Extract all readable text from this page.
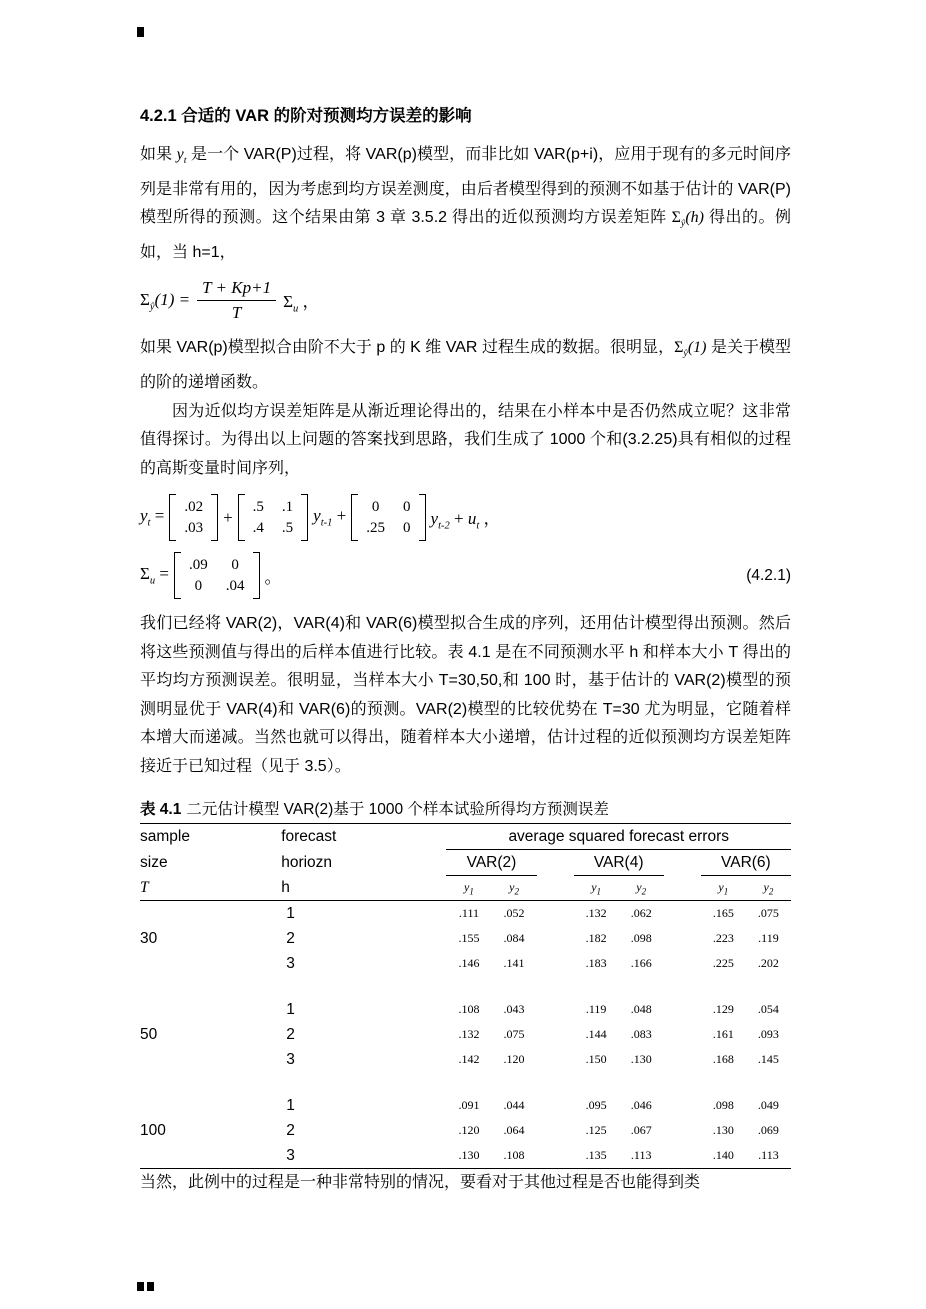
4.2.1 合适的 VAR 的阶对预测均方误差的影响

如果 $y_t$ 是一个 VAR(P)过程，将 VAR(p)模型，而非比如 VAR(p+i)，应用于现有的多元时间序列是非常有用的，因为考虑到均方误差测度，由后者模型得到的预测不如基于估计的 VAR(P)模型所得的预测。这个结果由第 3 章 3.5.2 得出的近似预测均方误差矩阵 $\Sigma_ŷ(h)$ 得出的。例如，当 h=1，

$\Sigma_ŷ(1) = \frac{T + Kp+1}{T} \Sigma_u$ ，

如果 VAR(p)模型拟合由阶不大于 p 的 K 维 VAR 过程生成的数据。很明显，$\Sigma_ŷ(1)$ 是关于模型的阶的递增函数。

因为近似均方误差矩阵是从渐近理论得出的，结果在小样本中是否仍然成立呢？这非常值得探讨。为得出以上问题的答案找到思路，我们生成了 1000 个和(3.2.25)具有相似的过程的高斯变量时间序列，

$y_t = .02$
.03
+
.5 .1
.4 .5
$y_{t-1} + 0$ 0
.25 0
$y_{t-2} + u_t$ ，
$\Sigma_u = .09$ 0
0 .04 。	(4.2.1)

我们已经将 VAR(2)，VAR(4)和 VAR(6)模型拟合生成的序列，还用估计模型得出预测。然后将这些预测值与得出的后样本值进行比较。表 4.1 是在不同预测水平 h 和样本大小 T 得出的平均均方预测误差。很明显，当样本大小 T=30,50,和 100 时，基于估计的 VAR(2)模型的预测明显优于 VAR(4)和 VAR(6)的预测。VAR(2)模型的比较优势在 T=30 尤为明显，它随着样本增大而递减。当然也就可以得出，随着样本大小递增，估计过程的近似预测均方误差矩阵接近于已知过程（见于 3.5）。

表 4.1 二元估计模型 VAR(2)基于 1000 个样本试验所得均方预测误差
sample	forecast	average squared forecast errors							
size	horiozn	VAR(2)			VAR(4)			VAR(6)	
T	h	$y_1$	$y_2$		$y_1$	$y_2$		$y_1$	$y_2$
	1	.111	.052		.132	.062		.165	.075
30	2	.155	.084		.182	.098		.223	.119
	3	.146	.141		.183	.166		.225	.202

	1	.108	.043		.119	.048		.129	.054
50	2	.132	.075		.144	.083		.161	.093
	3	.142	.120		.150	.130		.168	.145

	1	.091	.044		.095	.046		.098	.049
100	2	.120	.064		.125	.067		.130	.069
	3	.130	.108		.135	.113		.140	.113

当然，此例中的过程是一种非常特别的情况，要看对于其他过程是否也能得到类
